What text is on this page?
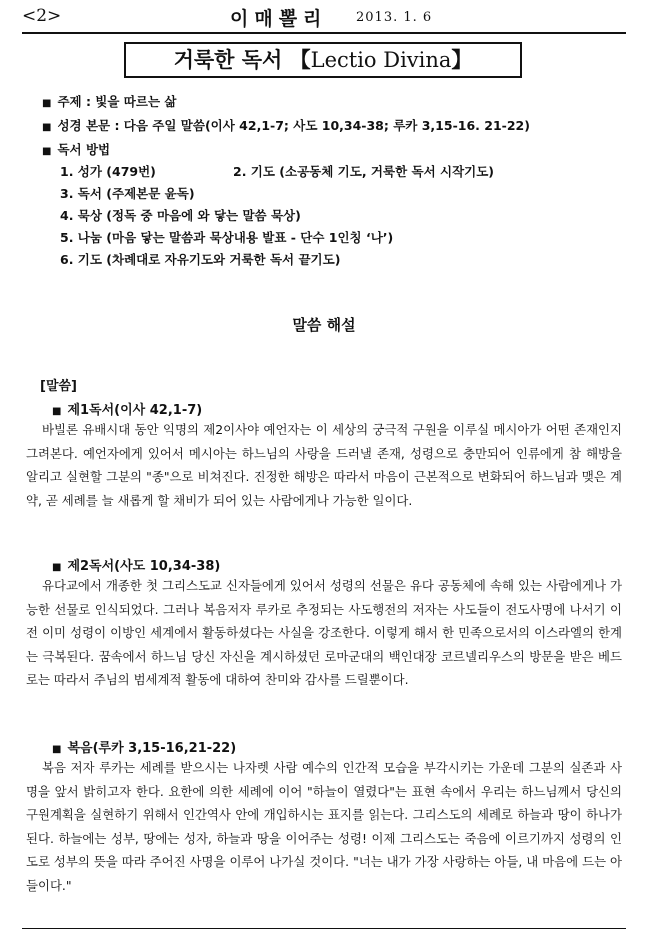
<2>	이매뽈리 2013. 1. 6
거룩한 독서 【Lectio Divina】
■ 주제 : 빛을 따르는 삶
■ 성경 본문 : 다음 주일 말씀(이사 42,1-7; 사도 10,34-38; 루카 3,15-16. 21-22)
■ 독서 방법
1. 성가 (479번)	2. 기도 (소공동체 기도, 거룩한 독서 시작기도)
3. 독서 (주제본문 윤독)
4. 묵상 (정독 중 마음에 와 닿는 말씀 묵상)
5. 나눔 (마음 닿는 말씀과 묵상내용 발표 - 단수 1인칭 ‘나’)
6. 기도 (차례대로 자유기도와 거룩한 독서 끝기도)
말씀 해설
[말씀]
■ 제1독서(이사 42,1-7)
바빌론 유배시대 동안 익명의 제2이사야 예언자는 이 세상의 궁극적 구원을 이루실 메시아가 어떤 존재인지 그려본다. 예언자에게 있어서 메시아는 하느님의 사랑을 드러낼 존재, 성령으로 충만되어 인류에게 참 해방을 알리고 실현할 그분의 "종"으로 비쳐진다. 진정한 해방은 따라서 마음이 근본적으로 변화되어 하느님과 맺은 계약, 곧 세례를 늘 새롭게 할 채비가 되어 있는 사람에게나 가능한 일이다.
■ 제2독서(사도 10,34-38)
유다교에서 개종한 첫 그리스도교 신자들에게 있어서 성령의 선물은 유다 공동체에 속해 있는 사람에게나 가능한 선물로 인식되었다. 그러나 복음저자 루카로 추정되는 사도행전의 저자는 사도들이 전도사명에 나서기 이전 이미 성령이 이방인 세계에서 활동하셨다는 사실을 강조한다. 이렇게 해서 한 민족으로서의 이스라엘의 한계는 극복된다. 꿈속에서 하느님 당신 자신을 계시하셨던 로마군대의 백인대장 코르넬리우스의 방문을 받은 베드로는 따라서 주님의 범세계적 활동에 대하여 찬미와 감사를 드릴뿐이다.
■ 복음(루카 3,15-16,21-22)
복음 저자 루카는 세례를 받으시는 나자렛 사람 예수의 인간적 모습을 부각시키는 가운데 그분의 실존과 사명을 앞서 밝히고자 한다. 요한에 의한 세례에 이어 "하늘이 열렸다"는 표현 속에서 우리는 하느님께서 당신의 구원계획을 실현하기 위해서 인간역사 안에 개입하시는 표지를 읽는다. 그리스도의 세례로 하늘과 땅이 하나가 된다. 하늘에는 성부, 땅에는 성자, 하늘과 땅을 이어주는 성령! 이제 그리스도는 죽음에 이르기까지 성령의 인도로 성부의 뜻을 따라 주어진 사명을 이루어 나가실 것이다. "너는 내가 가장 사랑하는 아들, 내 마음에 드는 아들이다."
